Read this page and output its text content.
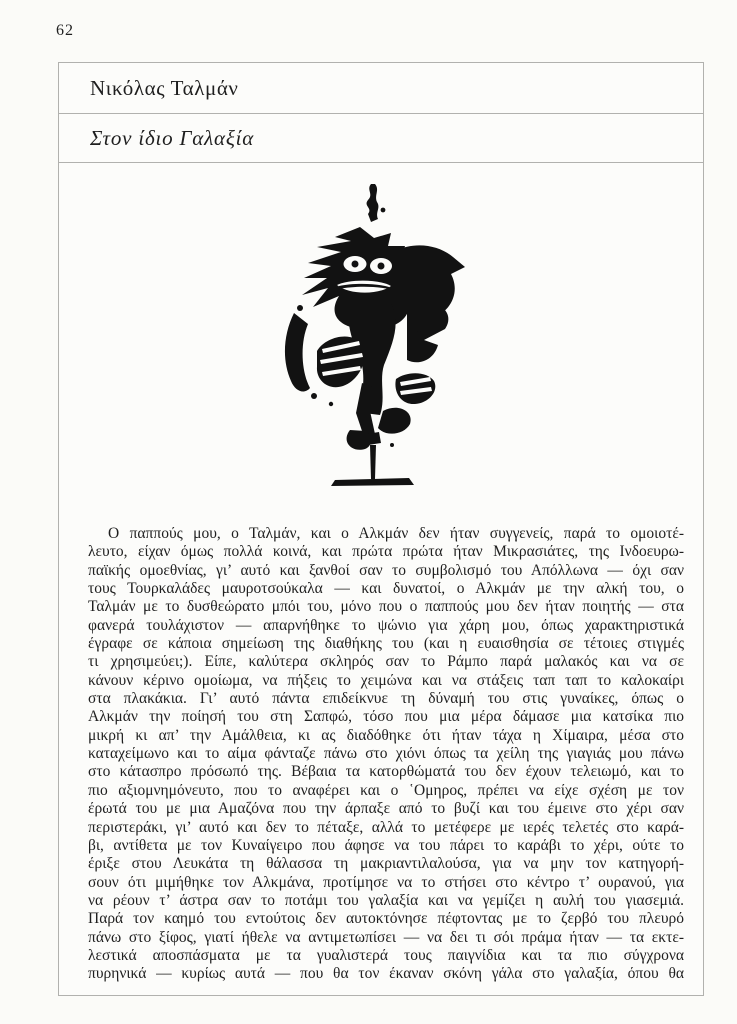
62
Νικόλας Ταλμάν
Στον ίδιο Γαλαξία
Ο παππούς μου, ο Ταλμάν, και ο Αλκμάν δεν ήταν συγγενείς, παρά το ομοιοτέ-
λευτο, είχαν όμως πολλά κοινά, και πρώτα πρώτα ήταν Μικρασιάτες, της Ινδοευρω-
παϊκής ομοεθνίας, γι’ αυτό και ξανθοί σαν το συμβολισμό του Απόλλωνα — όχι σαν
τους Τουρκαλάδες μαυροτσούκαλα — και δυνατοί, ο Αλκμάν με την αλκή του, ο
Ταλμάν με το δυσθεώρατο μπόι του, μόνο που ο παππούς μου δεν ήταν ποιητής — στα
φανερά τουλάχιστον — απαρνήθηκε το ψώνιο για χάρη μου, όπως χαρακτηριστικά
έγραφε σε κάποια σημείωση της διαθήκης του (και η ευαισθησία σε τέτοιες στιγμές
τι χρησιμεύει;). Είπε, καλύτερα σκληρός σαν το Ράμπο παρά μαλακός και να σε
κάνουν κέρινο ομοίωμα, να πήξεις το χειμώνα και να στάξεις ταπ ταπ το καλοκαίρι
στα πλακάκια. Γι’ αυτό πάντα επιδείκνυε τη δύναμή του στις γυναίκες, όπως ο
Αλκμάν την ποίησή του στη Σαπφώ, τόσο που μια μέρα δάμασε μια κατσίκα πιο
μικρή κι απ’ την Αμάλθεια, κι ας διαδόθηκε ότι ήταν τάχα η Χίμαιρα, μέσα στο
καταχείμωνο και το αίμα φάνταζε πάνω στο χιόνι όπως τα χείλη της γιαγιάς μου πάνω
στο κάτασπρο πρόσωπό της. Βέβαια τα κατορθώματά του δεν έχουν τελειωμό, και το
πιο αξιομνημόνευτο, που το αναφέρει και ο ῾Ομηρος, πρέπει να είχε σχέση με τον
έρωτά του με μια Αμαζόνα που την άρπαξε από το βυζί και του έμεινε στο χέρι σαν
περιστεράκι, γι’ αυτό και δεν το πέταξε, αλλά το μετέφερε με ιερές τελετές στο καρά-
βι, αντίθετα με τον Κυναίγειρο που άφησε να του πάρει το καράβι το χέρι, ούτε το
έριξε στου Λευκάτα τη θάλασσα τη μακριαντιλαλούσα, για να μην τον κατηγορή-
σουν ότι μιμήθηκε τον Αλκμάνα, προτίμησε να το στήσει στο κέντρο τ’ ουρανού, για
να ρέουν τ’ άστρα σαν το ποτάμι του γαλαξία και να γεμίζει η αυλή του γιασεμιά.
Παρά τον καημό του εντούτοις δεν αυτοκτόνησε πέφτοντας με το ζερβό του πλευρό
πάνω στο ξίφος, γιατί ήθελε να αντιμετωπίσει — να δει τι σόι πράμα ήταν — τα εκτε-
λεστικά αποσπάσματα με τα γυαλιστερά τους παιγνίδια και τα πιο σύγχρονα
πυρηνικά — κυρίως αυτά — που θα τον έκαναν σκόνη γάλα στο γαλαξία, όπου θα
